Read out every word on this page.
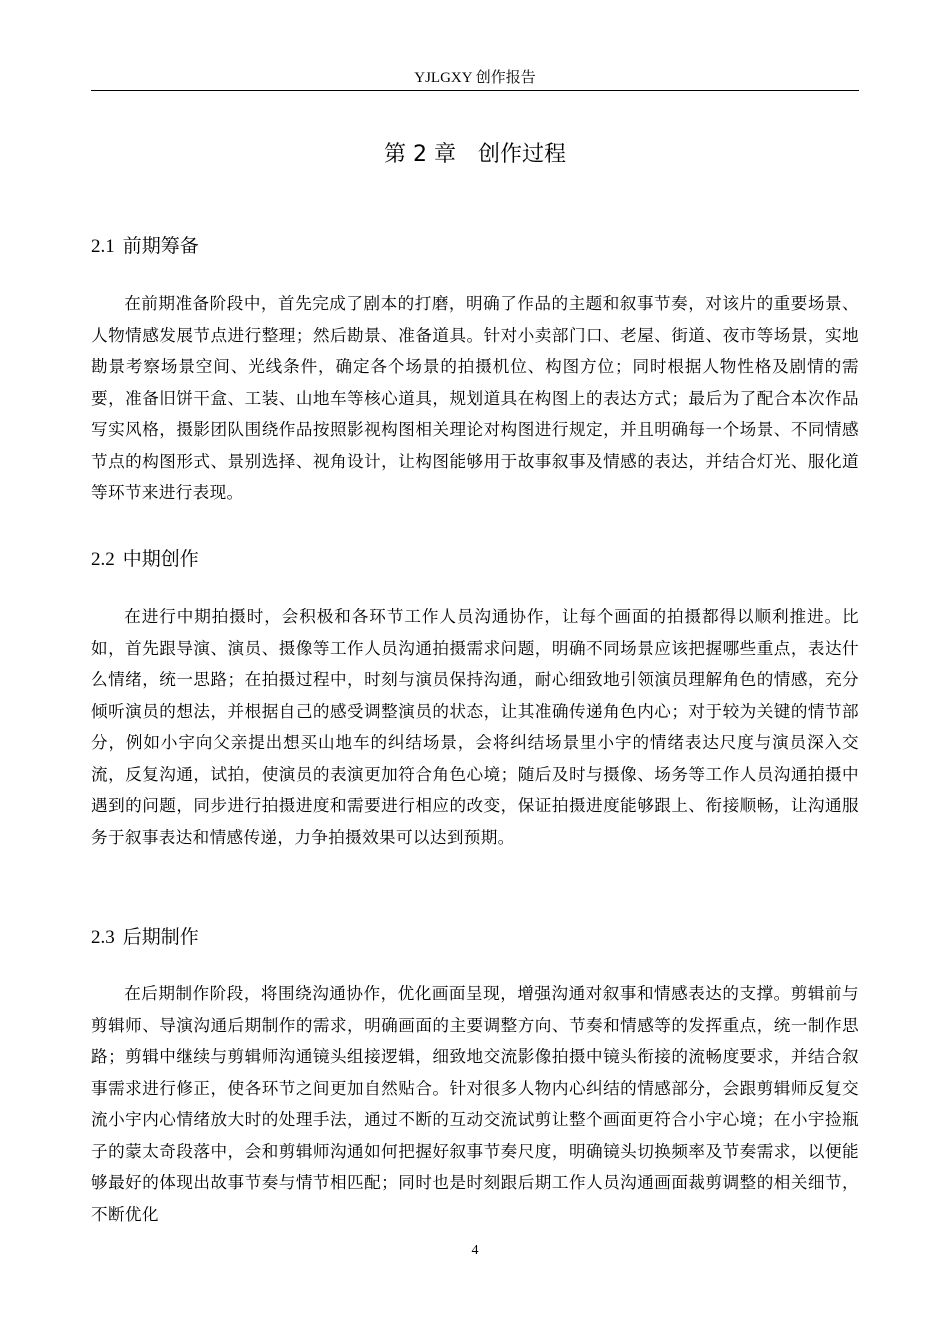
YJLGXY 创作报告
第 2 章 创作过程
2.1 前期筹备

在前期准备阶段中，首先完成了剧本的打磨，明确了作品的主题和叙事节奏，对该片的重要场景、人物情感发展节点进行整理；然后勘景、准备道具。针对小卖部门口、老屋、街道、夜市等场景，实地勘景考察场景空间、光线条件，确定各个场景的拍摄机位、构图方位；同时根据人物性格及剧情的需要，准备旧饼干盒、工装、山地车等核心道具，规划道具在构图上的表达方式；最后为了配合本次作品写实风格，摄影团队围绕作品按照影视构图相关理论对构图进行规定，并且明确每一个场景、不同情感节点的构图形式、景别选择、视角设计，让构图能够用于故事叙事及情感的表达，并结合灯光、服化道等环节来进行表现。

2.2 中期创作

在进行中期拍摄时，会积极和各环节工作人员沟通协作，让每个画面的拍摄都得以顺利推进。比如，首先跟导演、演员、摄像等工作人员沟通拍摄需求问题，明确不同场景应该把握哪些重点，表达什么情绪，统一思路；在拍摄过程中，时刻与演员保持沟通，耐心细致地引领演员理解角色的情感，充分倾听演员的想法，并根据自己的感受调整演员的状态，让其准确传递角色内心；对于较为关键的情节部分，例如小宇向父亲提出想买山地车的纠结场景，会将纠结场景里小宇的情绪表达尺度与演员深入交流，反复沟通，试拍，使演员的表演更加符合角色心境；随后及时与摄像、场务等工作人员沟通拍摄中遇到的问题，同步进行拍摄进度和需要进行相应的改变，保证拍摄进度能够跟上、衔接顺畅，让沟通服务于叙事表达和情感传递，力争拍摄效果可以达到预期。

2.3 后期制作

在后期制作阶段，将围绕沟通协作，优化画面呈现，增强沟通对叙事和情感表达的支撑。剪辑前与剪辑师、导演沟通后期制作的需求，明确画面的主要调整方向、节奏和情感等的发挥重点，统一制作思路；剪辑中继续与剪辑师沟通镜头组接逻辑，细致地交流影像拍摄中镜头衔接的流畅度要求，并结合叙事需求进行修正，使各环节之间更加自然贴合。针对很多人物内心纠结的情感部分，会跟剪辑师反复交流小宇内心情绪放大时的处理手法，通过不断的互动交流试剪让整个画面更符合小宇心境；在小宇捡瓶子的蒙太奇段落中，会和剪辑师沟通如何把握好叙事节奏尺度，明确镜头切换频率及节奏需求，以便能够最好的体现出故事节奏与情节相匹配；同时也是时刻跟后期工作人员沟通画面裁剪调整的相关细节，不断优化

4
